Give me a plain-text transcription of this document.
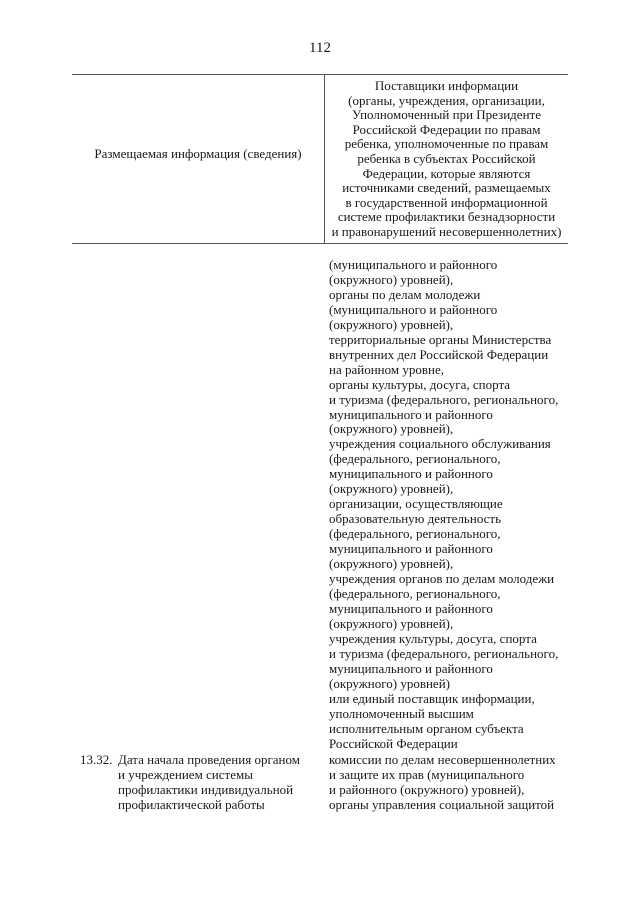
112
Размещаемая информация (сведения)
Поставщики информации
(органы, учреждения, организации,
Уполномоченный при Президенте
Российской Федерации по правам
ребенка, уполномоченные по правам
ребенка в субъектах Российской
Федерации, которые являются
источниками сведений, размещаемых
в государственной информационной
системе профилактики безнадзорности
и правонарушений несовершеннолетних)
(муниципального и районного
(окружного) уровней),
органы по делам молодежи
(муниципального и районного
(окружного) уровней),
территориальные органы Министерства
внутренних дел Российской Федерации
на районном уровне,
органы культуры, досуга, спорта
и туризма (федерального, регионального,
муниципального и районного
(окружного) уровней),
учреждения социального обслуживания
(федерального, регионального,
муниципального и районного
(окружного) уровней),
организации, осуществляющие
образовательную деятельность
(федерального, регионального,
муниципального и районного
(окружного) уровней),
учреждения органов по делам молодежи
(федерального, регионального,
муниципального и районного
(окружного) уровней),
учреждения культуры, досуга, спорта
и туризма (федерального, регионального,
муниципального и районного
(окружного) уровней)
или единый поставщик информации,
уполномоченный высшим
исполнительным органом субъекта
Российской Федерации
13.32. Дата начала проведения органом
и учреждением системы
профилактики индивидуальной
профилактической работы
комиссии по делам несовершеннолетних
и защите их прав (муниципального
и районного (окружного) уровней),
органы управления социальной защитой
